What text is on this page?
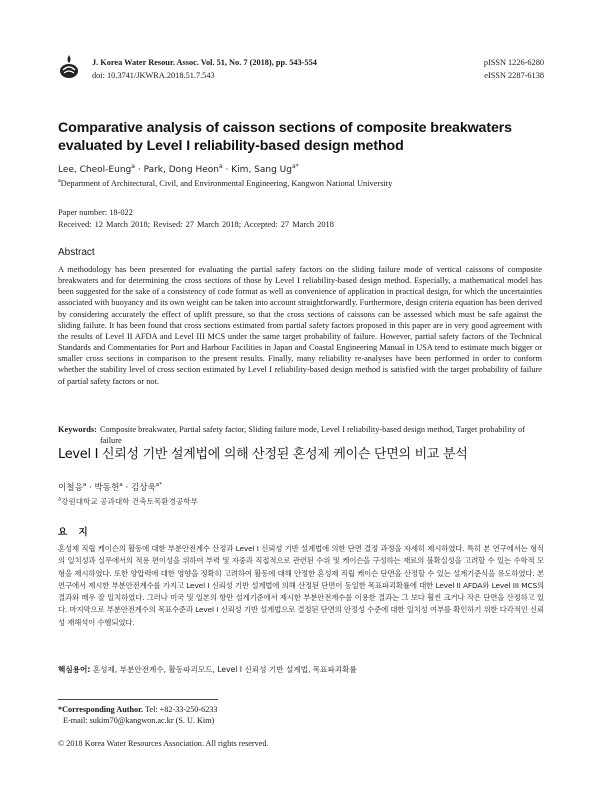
J. Korea Water Resour. Assoc. Vol. 51, No. 7 (2018), pp. 543-554
doi: 10.3741/JKWRA.2018.51.7.543
pISSN 1226-6280
eISSN 2287-6138
Comparative analysis of caisson sections of composite breakwaters evaluated by Level I reliability-based design method
Lee, Cheol-Eung$^a$ · Park, Dong Heon$^a$ · Kim, Sang $Ug^{a*}$
$^a$Department of Architectural, Civil, and Environmental Engineering, Kangwon National University
Paper number: 18-022
Received: 12 March 2018; Revised: 27 March 2018; Accepted: 27 March 2018
Abstract

A methodology has been presented for evaluating the partial safety factors on the sliding failure mode of vertical caissons of composite breakwaters and for determining the cross sections of those by Level I reliability-based design method. Especially, a mathematical model has been suggested for the sake of a consistency of code format as well as convenience of application in practical design, for which the uncertainties associated with buoyancy and its own weight can be taken into account straightforwardly. Furthermore, design criteria equation has been derived by considering accurately the effect of uplift pressure, so that the cross sections of caissons can be assessed which must be safe against the sliding failure. It has been found that cross sections estimated from partial safety factors proposed in this paper are in very good agreement with the results of Level II AFDA and Level III MCS under the same target probability of failure. However, partial safety factors of the Technical Standards and Commentaries for Port and Harbour Facilities in Japan and Coastal Engineering Manual in USA tend to estimate much bigger or smaller cross sections in comparison to the present results. Finally, many reliability re-analyses have been performed in order to conform whether the stability level of cross section estimated by Level I reliability-based design method is satisfied with the target probability of failure of partial safety factors or not.

Keywords: Composite breakwater, Partial safety factor, Sliding failure mode, Level I reliability-based design method, Target probability of failure
Level I 신뢰성 기반 설계법에 의해 산정된 혼성제 케이슨 단면의 비교 분석
이철응$^a$ · 박동헌$^a$ · 김상욱$^{a*}$
$^a$강원대학교 공과대학 건축토목환경공학부
요 지

혼성제 직립 케이슨의 활동에 대한 부분안전계수 산정과 Level I 신뢰성 기반 설계법에 의한 단면 결정 과정을 자세히 제시하였다. 특히 본 연구에서는 형식의 일치성과 실무에서의 적용 편이성을 위하여 부력 및 자중과 직접적으로 관련된 수위 및 케이슨을 구성하는 재료의 불확실성을 고려할 수 있는 수학적 모형을 제시하였다. 또한 양압력에 대한 영향을 정확히 고려하여 활동에 대해 안정한 혼성제 직립 케이슨 단면을 산정할 수 있는 설계기준식을 유도하였다. 본 연구에서 제시한 부분안전계수를 가지고 Level I 신뢰성 기반 설계법에 의해 산정된 단면이 동일한 목표파괴확률에 대한 Level II AFDA와 Level III MCS의 결과와 매우 잘 일치하였다. 그러나 미국 및 일본의 항만 설계기준에서 제시한 부분안전계수를 이용한 결과는 그 보다 훨씬 크거나 작은 단면을 산정하고 있다. 마지막으로 부분안전계수의 목표수준과 Level I 신뢰성 기반 설계법으로 결정된 단면의 안정성 수준에 대한 일치성 여부를 확인하기 위한 다각적인 신뢰성 재해석이 수행되었다.

핵심용어: 혼성제, 부분안전계수, 활동파괴모드, Level I 신뢰성 기반 설계법, 목표파괴확률
*Corresponding Author. Tel: +82-33-250-6233
E-mail: sukim70@kangwon.ac.kr (S. U. Kim)
© 2018 Korea Water Resources Association. All rights reserved.
